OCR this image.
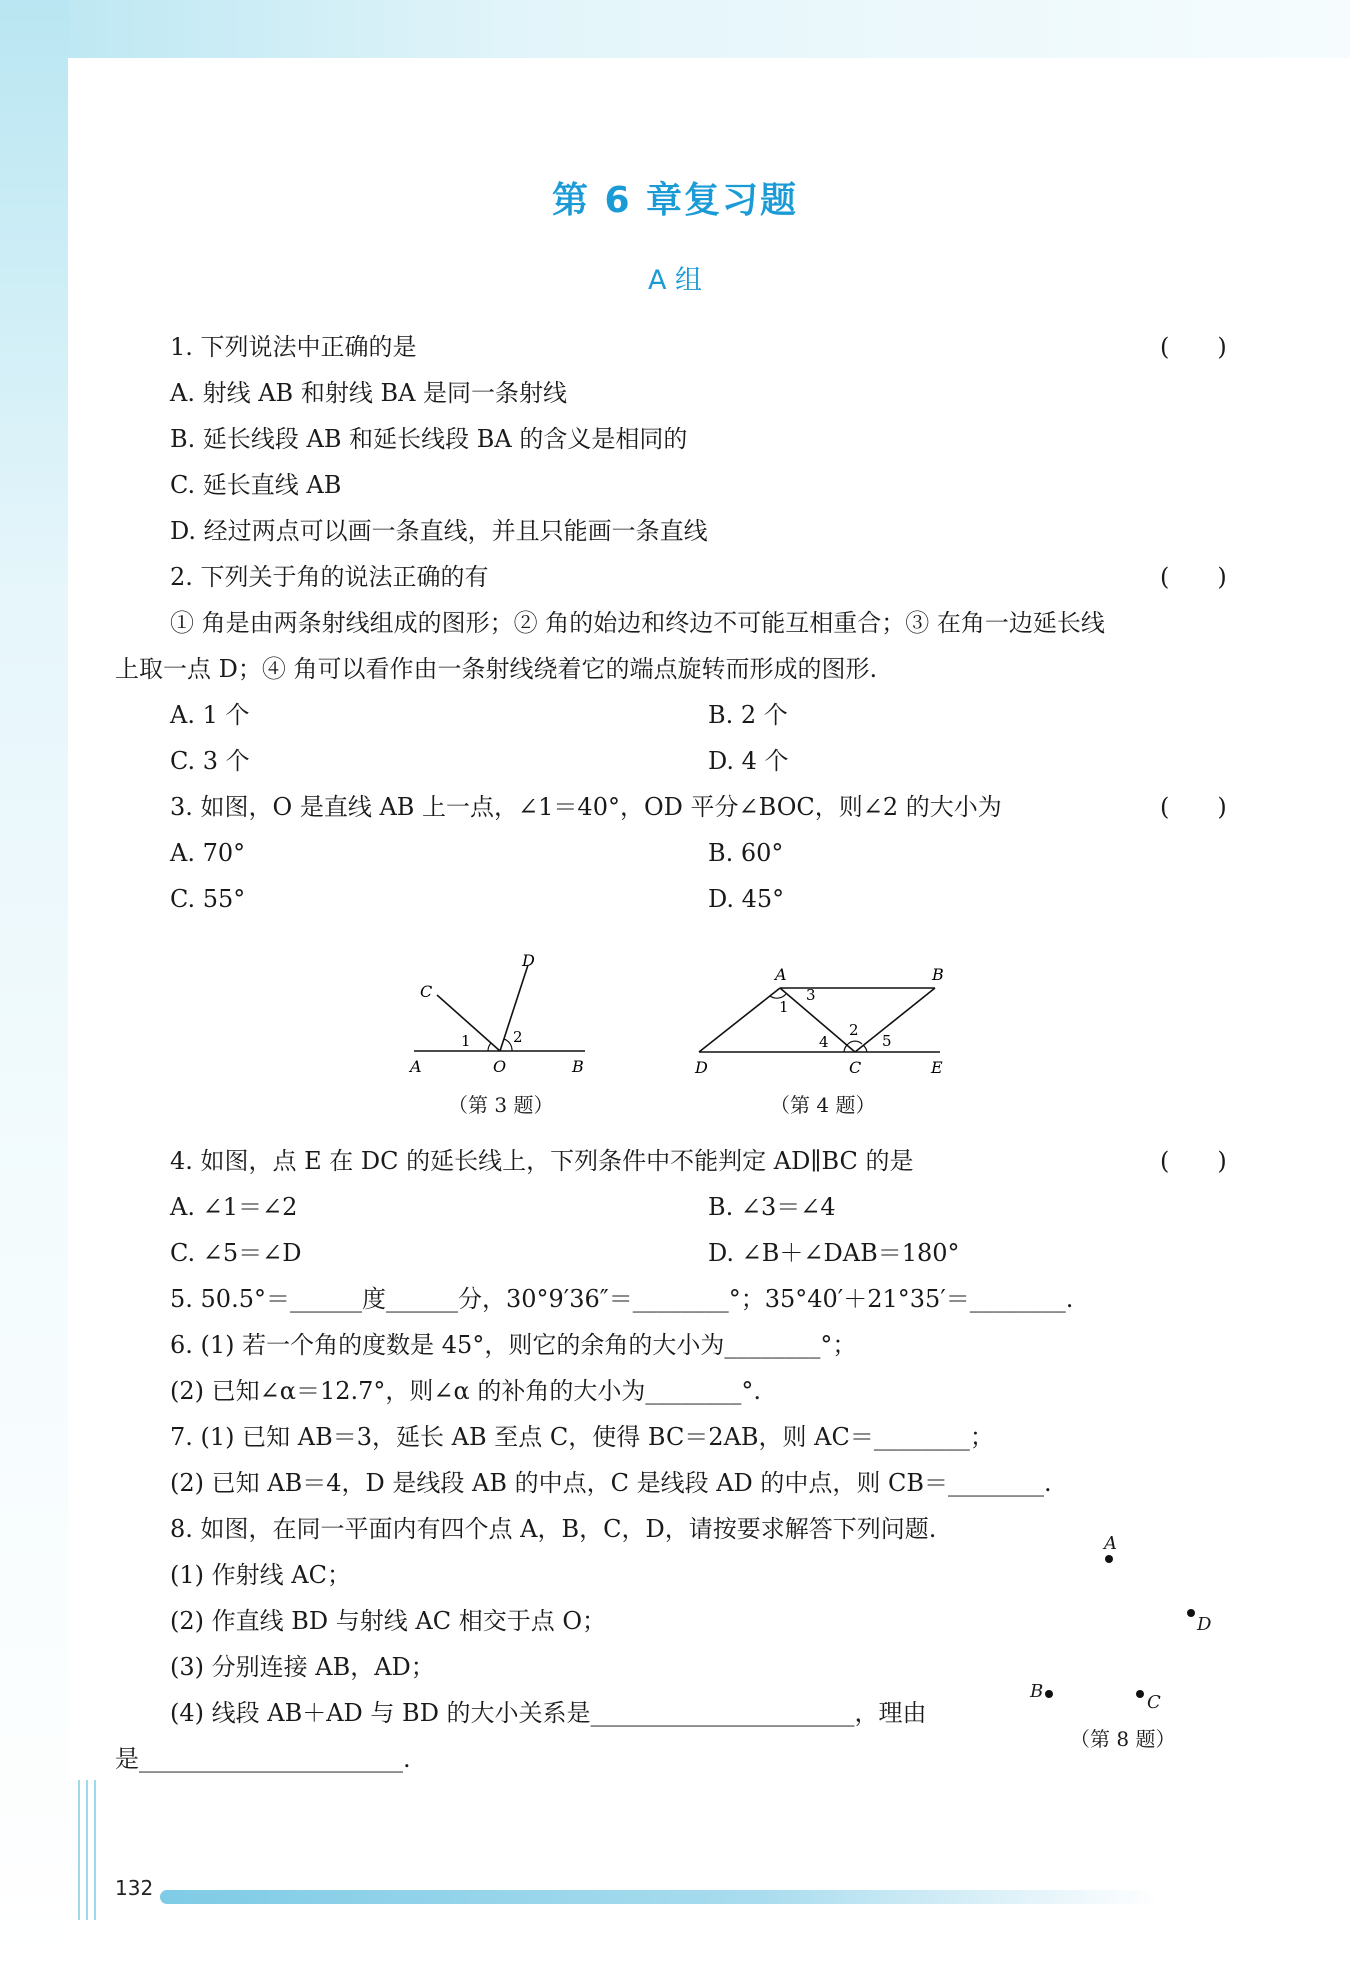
第 6 章复习题
A 组
1. 下列说法中正确的是	(　　)
A. 射线 AB 和射线 BA 是同一条射线
B. 延长线段 AB 和延长线段 BA 的含义是相同的
C. 延长直线 AB
D. 经过两点可以画一条直线，并且只能画一条直线
2. 下列关于角的说法正确的有	(　　)
① 角是由两条射线组成的图形；② 角的始边和终边不可能互相重合；③ 在角一边延长线
上取一点 D；④ 角可以看作由一条射线绕着它的端点旋转而形成的图形.
A. 1 个	B. 2 个
C. 3 个	D. 4 个
3. 如图，O 是直线 AB 上一点，∠1＝40°，OD 平分∠BOC，则∠2 的大小为	(　　)
A. 70°	B. 60°
C. 55°	D. 45°
A	O	B
C
D
1	2
（第 3 题）
A	B
D	C	E
1
3
4
2
5
（第 4 题）
4. 如图，点 E 在 DC 的延长线上，下列条件中不能判定 AD∥BC 的是	(　　)
A. ∠1＝∠2	B. ∠3＝∠4
C. ∠5＝∠D	D. ∠B＋∠DAB＝180°
5. 50.5°＝______度______分，30°9′36″＝________°；35°40′＋21°35′＝________.
6. (1) 若一个角的度数是 45°，则它的余角的大小为________°；
(2) 已知∠α＝12.7°，则∠α 的补角的大小为________°.
7. (1) 已知 AB＝3，延长 AB 至点 C，使得 BC＝2AB，则 AC＝________；
(2) 已知 AB＝4，D 是线段 AB 的中点，C 是线段 AD 的中点，则 CB＝________.
8. 如图，在同一平面内有四个点 A，B，C，D，请按要求解答下列问题.
(1) 作射线 AC；
(2) 作直线 BD 与射线 AC 相交于点 O；
(3) 分别连接 AB，AD；
(4) 线段 AB＋AD 与 BD 的大小关系是______________________，理由
是______________________.
A
D
B
C
（第 8 题）
132
